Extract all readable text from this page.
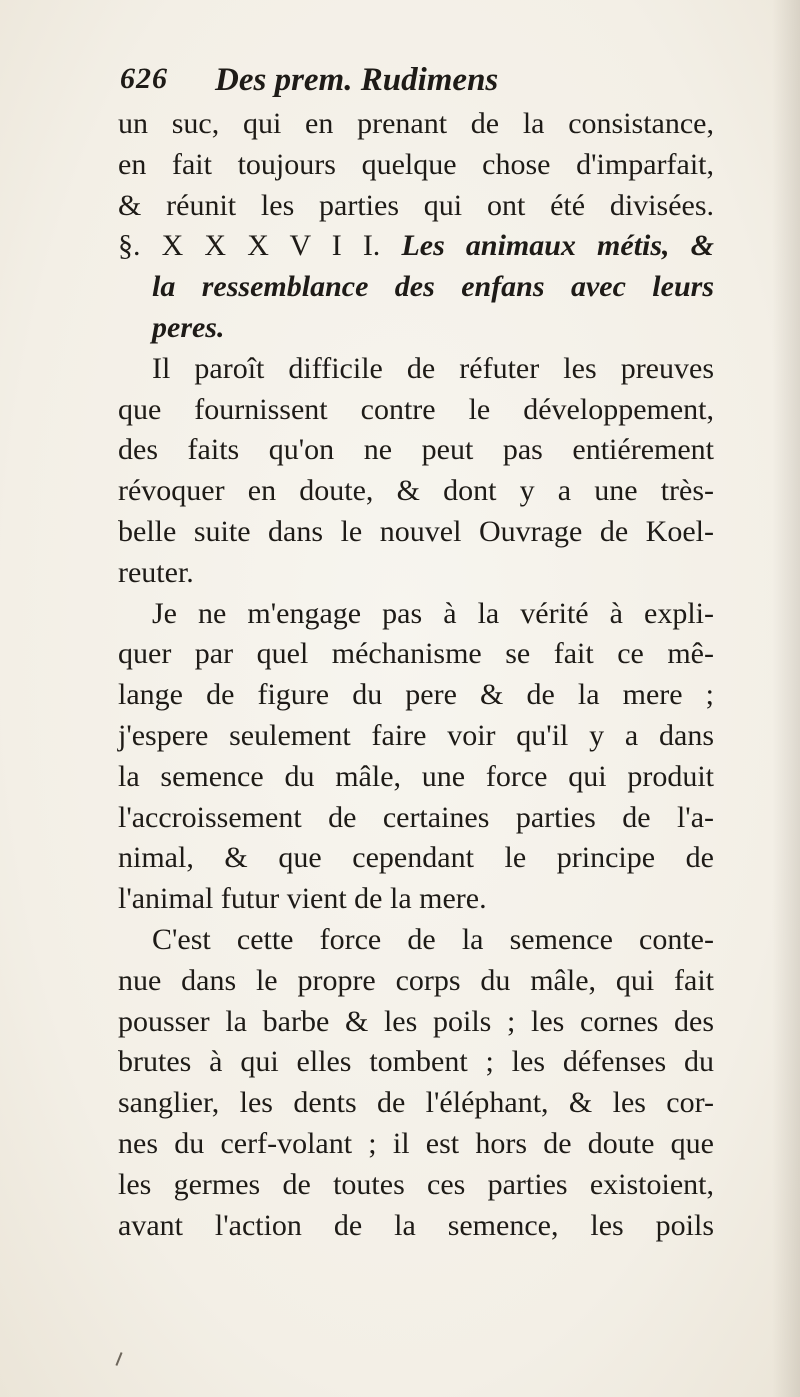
626 Des prem. Rudimens
un suc, qui en prenant de la consistance,
en fait toujours quelque chose d'imparfait,
& réunit les parties qui ont été divisées.
§. X X X V I I. Les animaux métis, &
la ressemblance des enfans avec leurs
peres.
Il paroît difficile de réfuter les preuves
que fournissent contre le développement,
des faits qu'on ne peut pas entiérement
révoquer en doute, & dont y a une très-
belle suite dans le nouvel Ouvrage de Koel-
reuter.
Je ne m'engage pas à la vérité à expli-
quer par quel méchanisme se fait ce mê-
lange de figure du pere & de la mere ;
j'espere seulement faire voir qu'il y a dans
la semence du mâle, une force qui produit
l'accroissement de certaines parties de l'a-
nimal, & que cependant le principe de
l'animal futur vient de la mere.
C'est cette force de la semence conte-
nue dans le propre corps du mâle, qui fait
pousser la barbe & les poils ; les cornes des
brutes à qui elles tombent ; les défenses du
sanglier, les dents de l'éléphant, & les cor-
nes du cerf-volant ; il est hors de doute que
les germes de toutes ces parties existoient,
avant l'action de la semence, les poils
